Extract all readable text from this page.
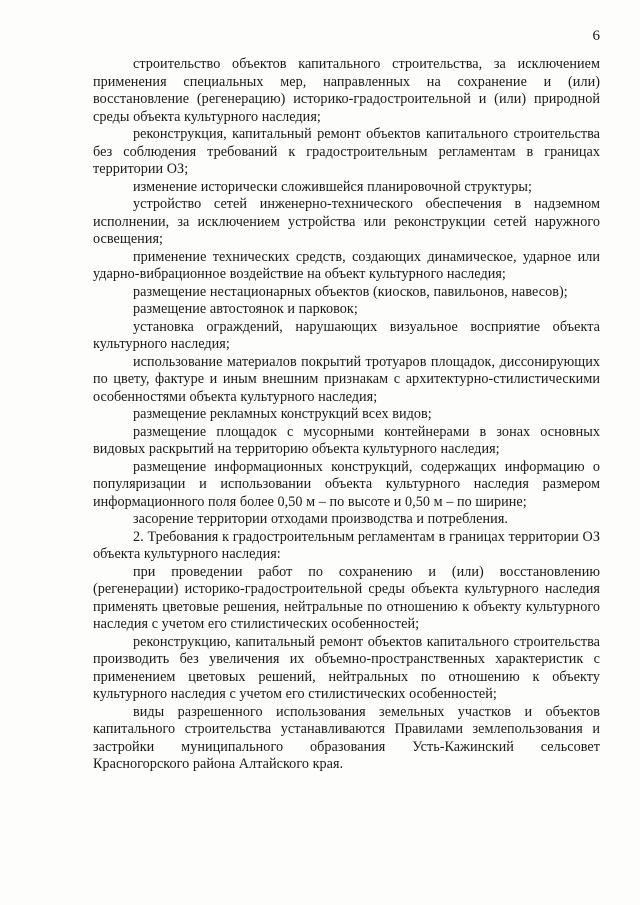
6

строительство объектов капитального строительства, за исключением применения специальных мер, направленных на сохранение и (или) восстановление (регенерацию) историко-градостроительной и (или) природной среды объекта культурного наследия;

реконструкция, капитальный ремонт объектов капитального строительства без соблюдения требований к градостроительным регламентам в границах территории ОЗ;

изменение исторически сложившейся планировочной структуры;

устройство сетей инженерно-технического обеспечения в надземном исполнении, за исключением устройства или реконструкции сетей наружного освещения;

применение технических средств, создающих динамическое, ударное или ударно-вибрационное воздействие на объект культурного наследия;

размещение нестационарных объектов (киосков, павильонов, навесов);

размещение автостоянок и парковок;

установка ограждений, нарушающих визуальное восприятие объекта культурного наследия;

использование материалов покрытий тротуаров площадок, диссонирующих по цвету, фактуре и иным внешним признакам с архитектурно-стилистическими особенностями объекта культурного наследия;

размещение рекламных конструкций всех видов;

размещение площадок с мусорными контейнерами в зонах основных видовых раскрытий на территорию объекта культурного наследия;

размещение информационных конструкций, содержащих информацию о популяризации и использовании объекта культурного наследия размером информационного поля более 0,50 м – по высоте и 0,50 м – по ширине;

засорение территории отходами производства и потребления.

2. Требования к градостроительным регламентам в границах территории ОЗ объекта культурного наследия:

при проведении работ по сохранению и (или) восстановлению (регенерации) историко-градостроительной среды объекта культурного наследия применять цветовые решения, нейтральные по отношению к объекту культурного наследия с учетом его стилистических особенностей;

реконструкцию, капитальный ремонт объектов капитального строительства производить без увеличения их объемно-пространственных характеристик с применением цветовых решений, нейтральных по отношению к объекту культурного наследия с учетом его стилистических особенностей;

виды разрешенного использования земельных участков и объектов капитального строительства устанавливаются Правилами землепользования и застройки муниципального образования Усть-Кажинский сельсовет Красногорского района Алтайского края.
